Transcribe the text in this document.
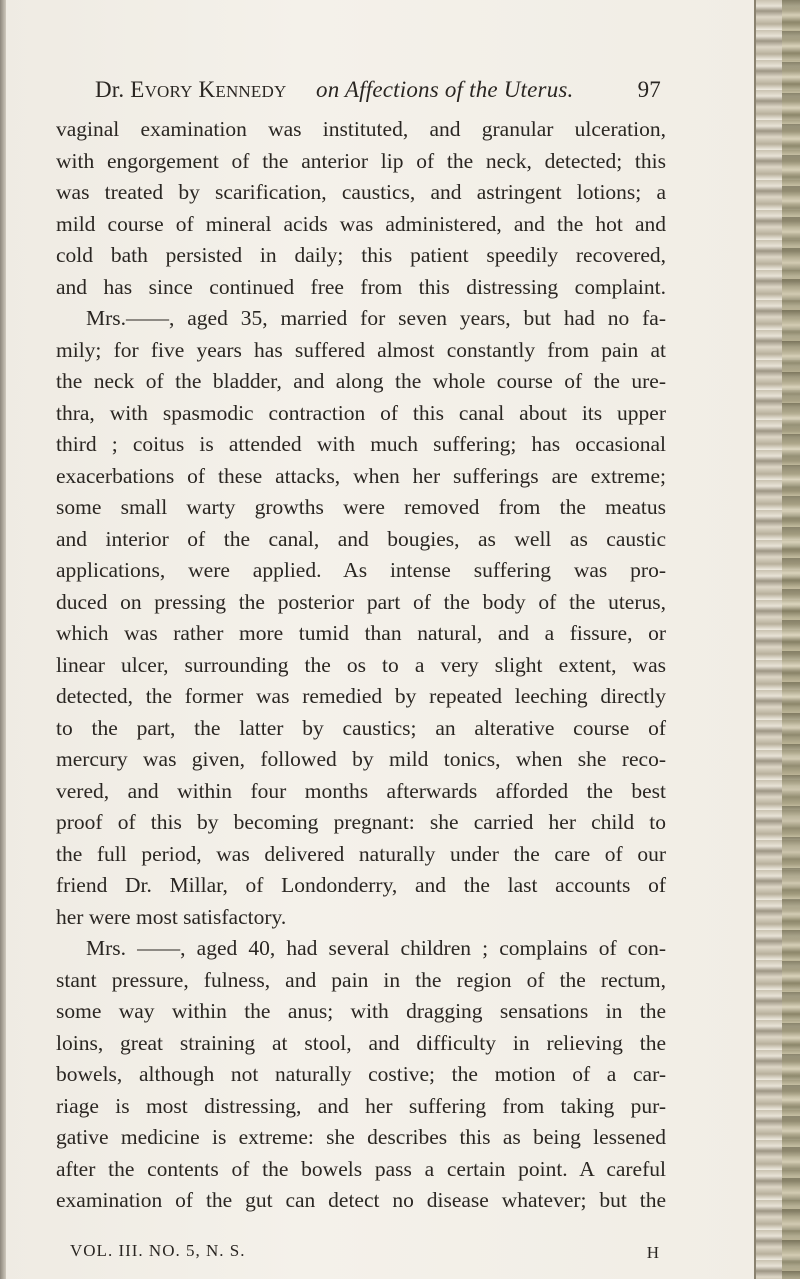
Dr. EVORY KENNEDY on Affections of the Uterus.	97
vaginal examination was instituted, and granular ulceration,
with engorgement of the anterior lip of the neck, detected; this
was treated by scarification, caustics, and astringent lotions; a
mild course of mineral acids was administered, and the hot and
cold bath persisted in daily; this patient speedily recovered,
and has since continued free from this distressing complaint.
Mrs.——, aged 35, married for seven years, but had no fa-
mily; for five years has suffered almost constantly from pain at
the neck of the bladder, and along the whole course of the ure-
thra, with spasmodic contraction of this canal about its upper
third ; coitus is attended with much suffering; has occasional
exacerbations of these attacks, when her sufferings are extreme;
some small warty growths were removed from the meatus
and interior of the canal, and bougies, as well as caustic
applications, were applied. As intense suffering was pro-
duced on pressing the posterior part of the body of the uterus,
which was rather more tumid than natural, and a fissure, or
linear ulcer, surrounding the os to a very slight extent, was
detected, the former was remedied by repeated leeching directly
to the part, the latter by caustics; an alterative course of
mercury was given, followed by mild tonics, when she reco-
vered, and within four months afterwards afforded the best
proof of this by becoming pregnant: she carried her child to
the full period, was delivered naturally under the care of our
friend Dr. Millar, of Londonderry, and the last accounts of
her were most satisfactory.
Mrs. ——, aged 40, had several children ; complains of con-
stant pressure, fulness, and pain in the region of the rectum,
some way within the anus; with dragging sensations in the
loins, great straining at stool, and difficulty in relieving the
bowels, although not naturally costive; the motion of a car-
riage is most distressing, and her suffering from taking pur-
gative medicine is extreme: she describes this as being lessened
after the contents of the bowels pass a certain point. A careful
examination of the gut can detect no disease whatever; but the
VOL. III. NO. 5, N. S.	H
